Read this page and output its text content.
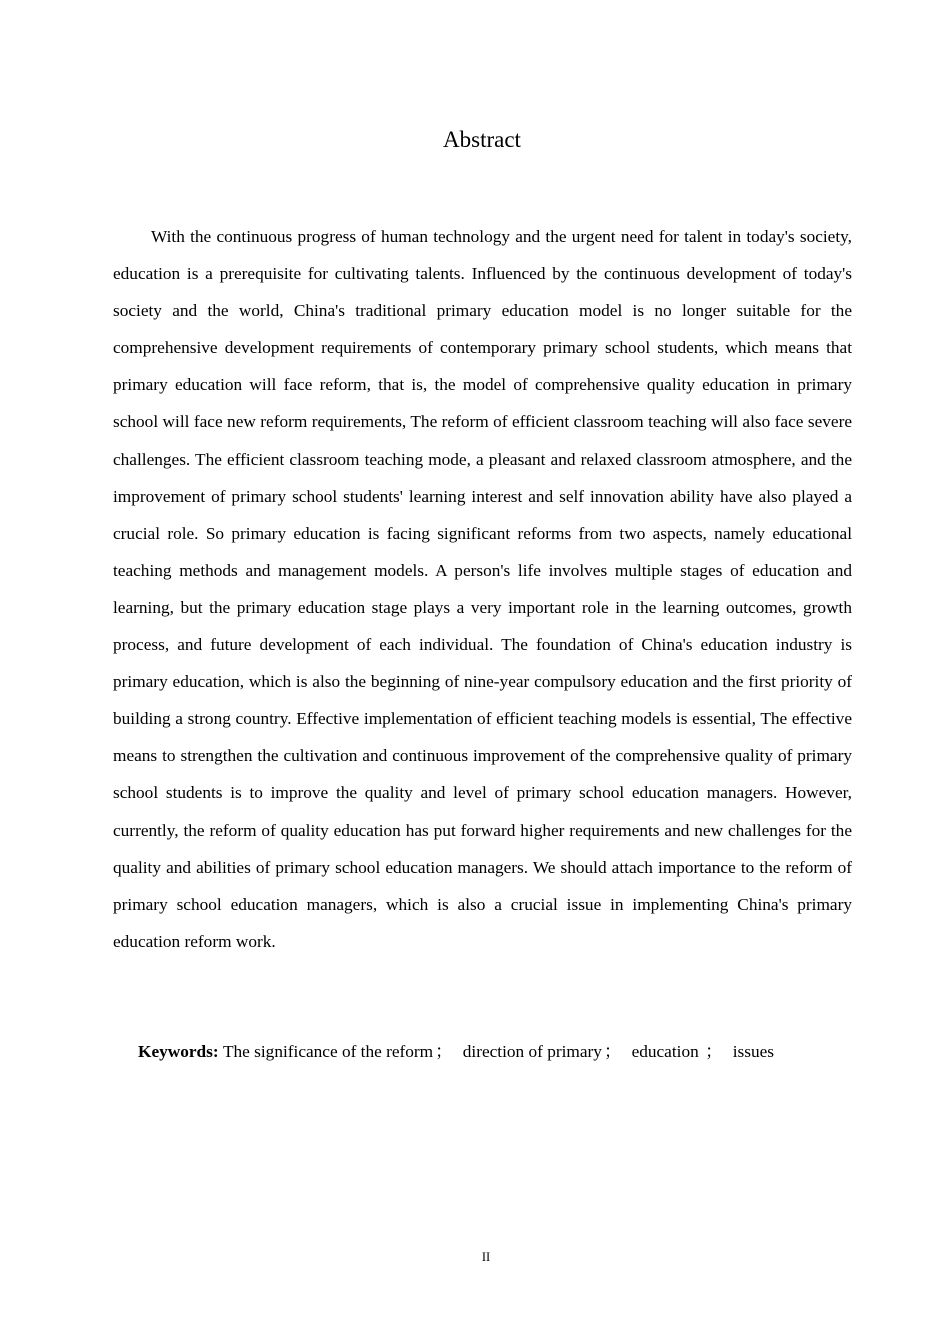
Abstract

With the continuous progress of human technology and the urgent need for talent in today's society, education is a prerequisite for cultivating talents. Influenced by the continuous development of today's society and the world, China's traditional primary education model is no longer suitable for the comprehensive development requirements of contemporary primary school students, which means that primary education will face reform, that is, the model of comprehensive quality education in primary school will face new reform requirements, The reform of efficient classroom teaching will also face severe challenges. The efficient classroom teaching mode, a pleasant and relaxed classroom atmosphere, and the improvement of primary school students' learning interest and self innovation ability have also played a crucial role. So primary education is facing significant reforms from two aspects, namely educational teaching methods and management models. A person's life involves multiple stages of education and learning, but the primary education stage plays a very important role in the learning outcomes, growth process, and future development of each individual. The foundation of China's education industry is primary education, which is also the beginning of nine-year compulsory education and the first priority of building a strong country. Effective implementation of efficient teaching models is essential, The effective means to strengthen the cultivation and continuous improvement of the comprehensive quality of primary school students is to improve the quality and level of primary school education managers. However, currently, the reform of quality education has put forward higher requirements and new challenges for the quality and abilities of primary school education managers. We should attach importance to the reform of primary school education managers, which is also a crucial issue in implementing China's primary education reform work.

Keywords: The significance of the reform ； direction of primary ； education ； issues

II
